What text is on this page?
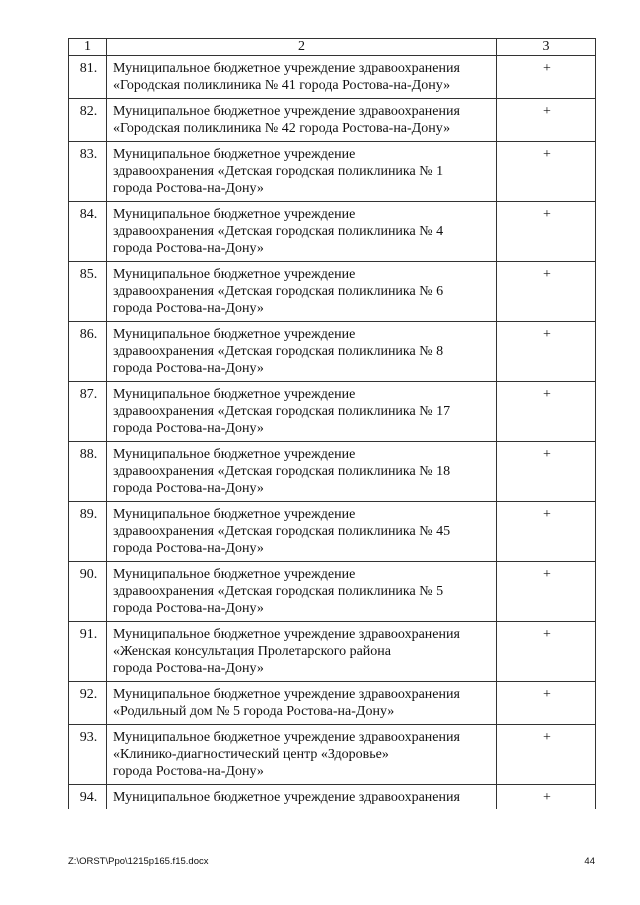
1	2	3
81.	Муниципальное бюджетное учреждение здравоохранения
«Городская поликлиника № 41 города Ростова-на-Дону»	+
82.	Муниципальное бюджетное учреждение здравоохранения
«Городская поликлиника № 42 города Ростова-на-Дону»	+
83.	Муниципальное бюджетное учреждение
здравоохранения «Детская городская поликлиника № 1
города Ростова-на-Дону»	+
84.	Муниципальное бюджетное учреждение
здравоохранения «Детская городская поликлиника № 4
города Ростова-на-Дону»	+
85.	Муниципальное бюджетное учреждение
здравоохранения «Детская городская поликлиника № 6
города Ростова-на-Дону»	+
86.	Муниципальное бюджетное учреждение
здравоохранения «Детская городская поликлиника № 8
города Ростова-на-Дону»	+
87.	Муниципальное бюджетное учреждение
здравоохранения «Детская городская поликлиника № 17
города Ростова-на-Дону»	+
88.	Муниципальное бюджетное учреждение
здравоохранения «Детская городская поликлиника № 18
города Ростова-на-Дону»	+
89.	Муниципальное бюджетное учреждение
здравоохранения «Детская городская поликлиника № 45
города Ростова-на-Дону»	+
90.	Муниципальное бюджетное учреждение
здравоохранения «Детская городская поликлиника № 5
города Ростова-на-Дону»	+
91.	Муниципальное бюджетное учреждение здравоохранения
«Женская консультация Пролетарского района
города Ростова-на-Дону»	+
92.	Муниципальное бюджетное учреждение здравоохранения
«Родильный дом № 5 города Ростова-на-Дону»	+
93.	Муниципальное бюджетное учреждение здравоохранения
«Клинико-диагностический центр «Здоровье»
города Ростова-на-Дону»	+
94.	Муниципальное бюджетное учреждение здравоохранения	+
Z:\ORST\Ppo\1215p165.f15.docx	44
